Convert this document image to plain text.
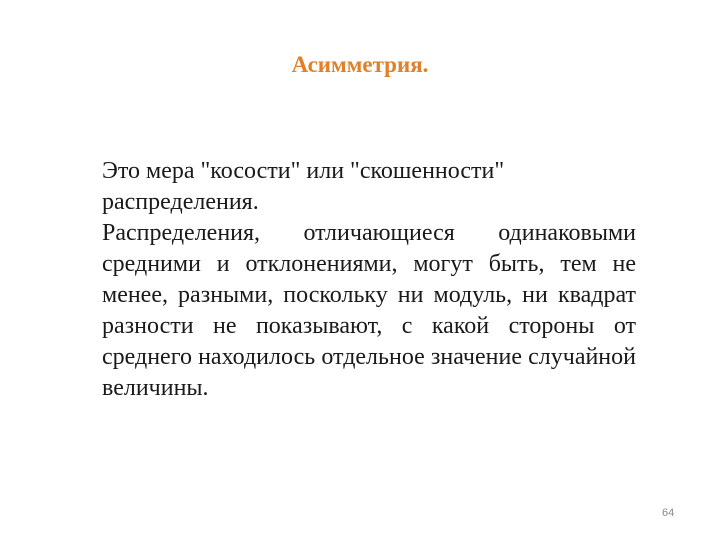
Асимметрия.

Это мера "косости" или "скошенности" распределения.

Распределения, отличающиеся одинаковыми средними и отклонениями, могут быть, тем не менее, разными, поскольку ни модуль, ни квадрат разности не показывают, с какой стороны от среднего находилось отдельное значение случайной величины.

64
